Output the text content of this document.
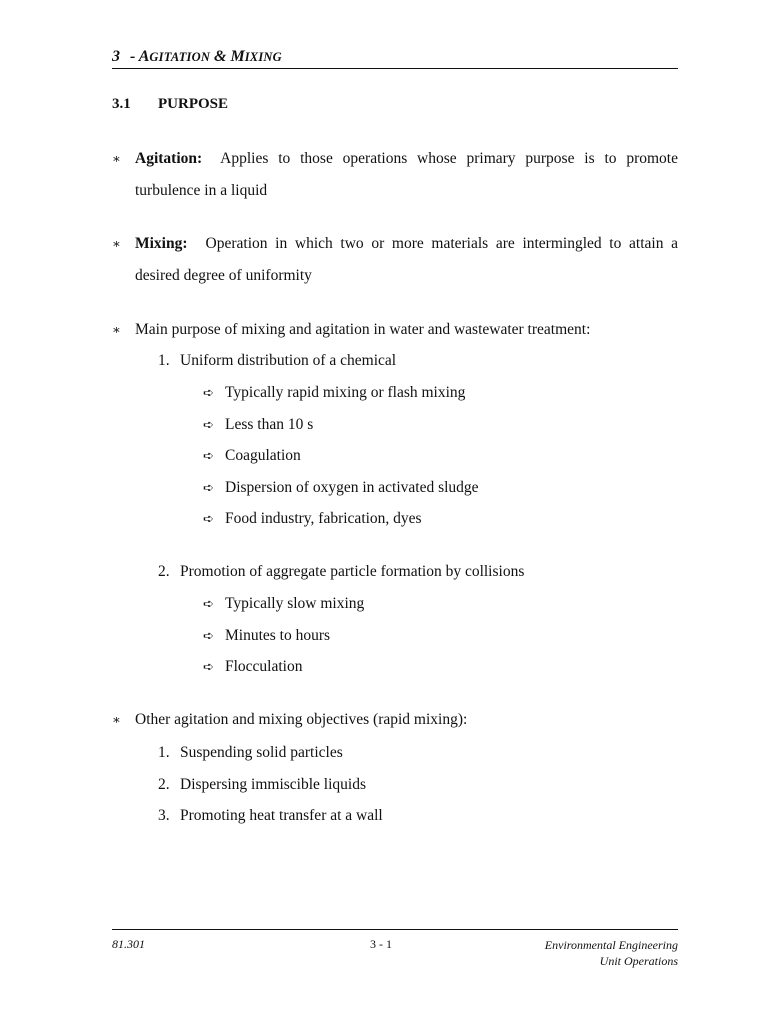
3 - AGITATION & MIXING
3.1 PURPOSE
∗ Agitation: Applies to those operations whose primary purpose is to promote turbulence in a liquid
∗ Mixing: Operation in which two or more materials are intermingled to attain a desired degree of uniformity
∗ Main purpose of mixing and agitation in water and wastewater treatment:
1. Uniform distribution of a chemical
➪ Typically rapid mixing or flash mixing
➪ Less than 10 s
➪ Coagulation
➪ Dispersion of oxygen in activated sludge
➪ Food industry, fabrication, dyes
2. Promotion of aggregate particle formation by collisions
➪ Typically slow mixing
➪ Minutes to hours
➪ Flocculation
∗ Other agitation and mixing objectives (rapid mixing):
1. Suspending solid particles
2. Dispersing immiscible liquids
3. Promoting heat transfer at a wall
81.301	3 - 1	Environmental Engineering
Unit Operations
